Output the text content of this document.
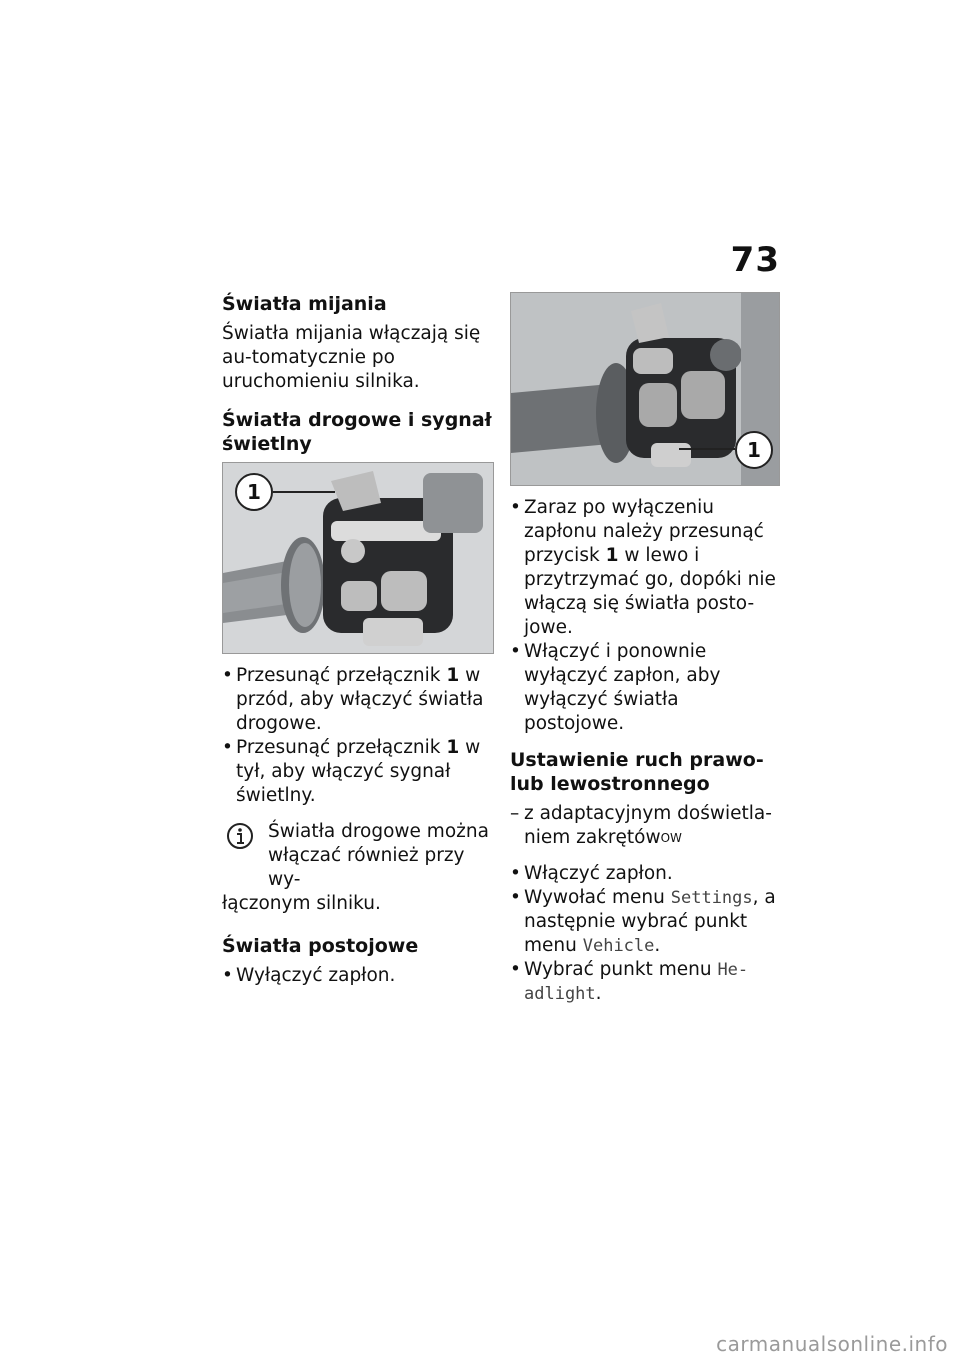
73
Światła mijania

Światła mijania włączają się au-tomatycznie po uruchomieniu silnika.

Światła drogowe i sygnał świetlny
1
• Przesunąć przełącznik 1 w przód, aby włączyć światła drogowe.
• Przesunąć przełącznik 1 w tył, aby włączyć sygnał świetlny.
Światła drogowe można włączać również przy wy-
łączonym silniku.
Światła postojowe
• Wyłączyć zapłon.
1
• Zaraz po wyłączeniu zapłonu należy przesunąć przycisk 1 w lewo i przytrzymać go, dopóki nie włączą się światła posto-jowe.
• Włączyć i ponownie wyłączyć zapłon, aby wyłączyć światła postojowe.
Ustawienie ruch prawo- lub lewostronnego
– z adaptacyjnym doświetla-niem zakrętów$^{OW}$
• Włączyć zapłon.
• Wywołać menu Settings, a następnie wybrać punkt menu Vehicle.
• Wybrać punkt menu He-adlight.
carmanualsonline.info
